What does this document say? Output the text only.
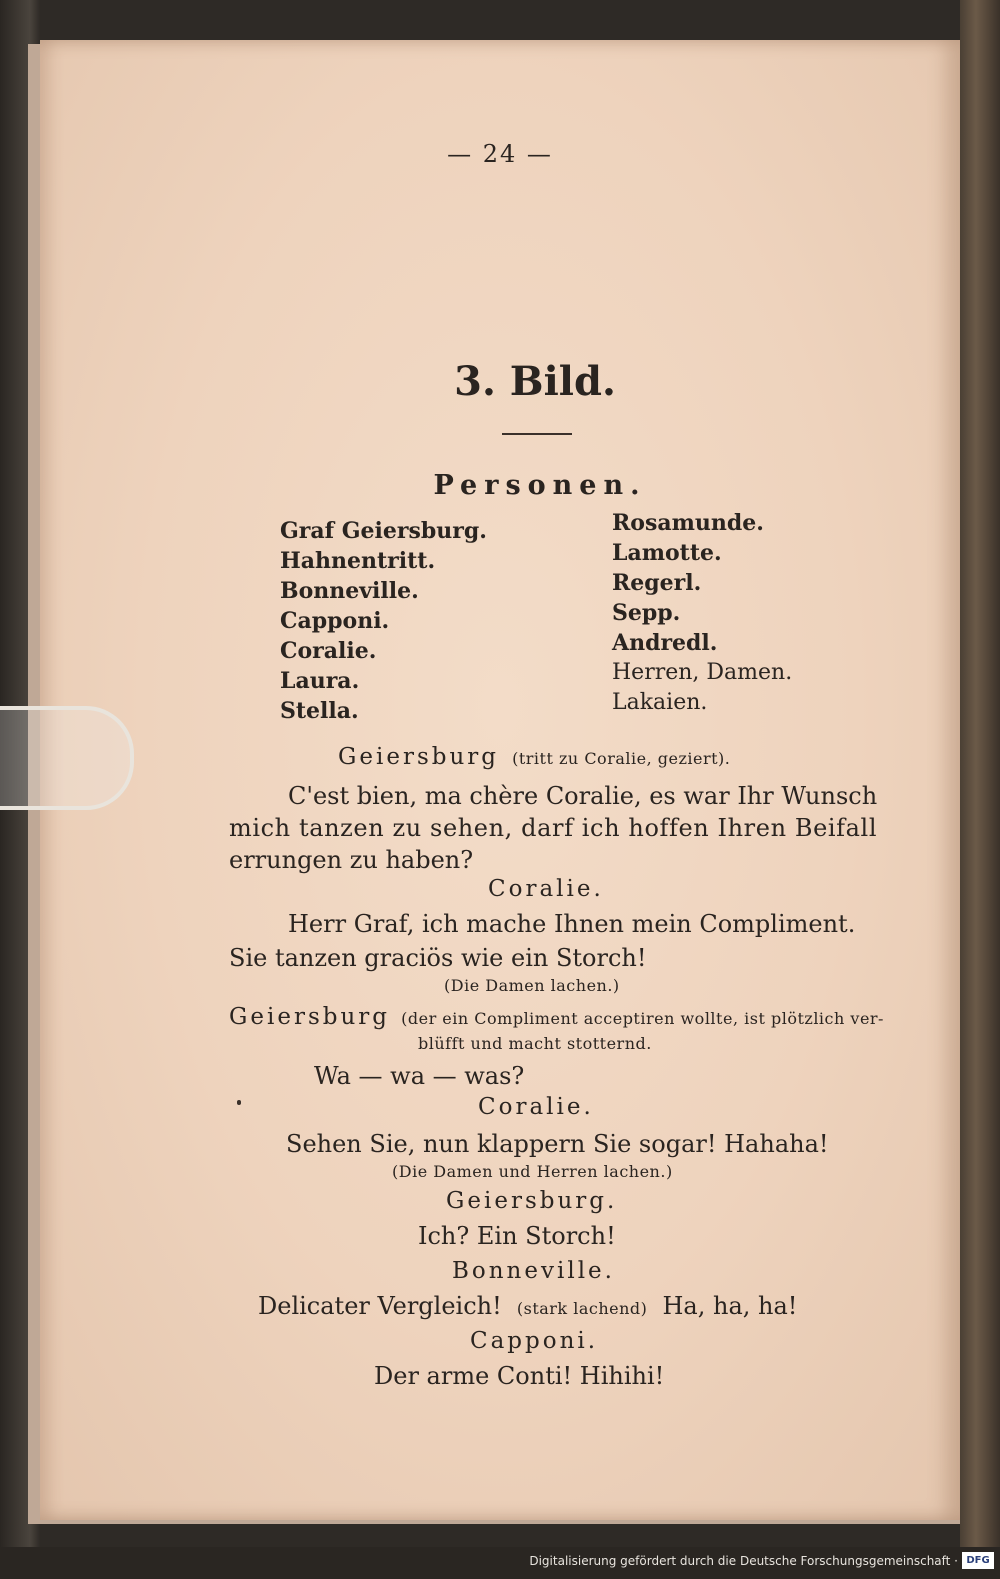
— 24 —
3. Bild.
Personen.
Graf Geiersburg.
Hahnentritt.
Bonneville.
Capponi.
Coralie.
Laura.
Stella.
Rosamunde.
Lamotte.
Regerl.
Sepp.
Andredl.
Herren, Damen.
Lakaien.
Geiersburg (tritt zu Coralie, geziert).
C'est bien, ma chère Coralie, es war Ihr Wunsch
mich tanzen zu sehen, darf ich hoffen Ihren Beifall
errungen zu haben?
Coralie.
Herr Graf, ich mache Ihnen mein Compliment.
Sie tanzen graciös wie ein Storch!
(Die Damen lachen.)
Geiersburg (der ein Compliment acceptiren wollte, ist plötzlich ver-
blüfft und macht stotternd.
Wa — wa — was?
Coralie.
Sehen Sie, nun klappern Sie sogar! Hahaha!
(Die Damen und Herren lachen.)
Geiersburg.
Ich? Ein Storch!
Bonneville.
Delicater Vergleich! (stark lachend) Ha, ha, ha!
Capponi.
Der arme Conti! Hihihi!
Digitalisierung gefördert durch die Deutsche Forschungsgemeinschaft · DFG
